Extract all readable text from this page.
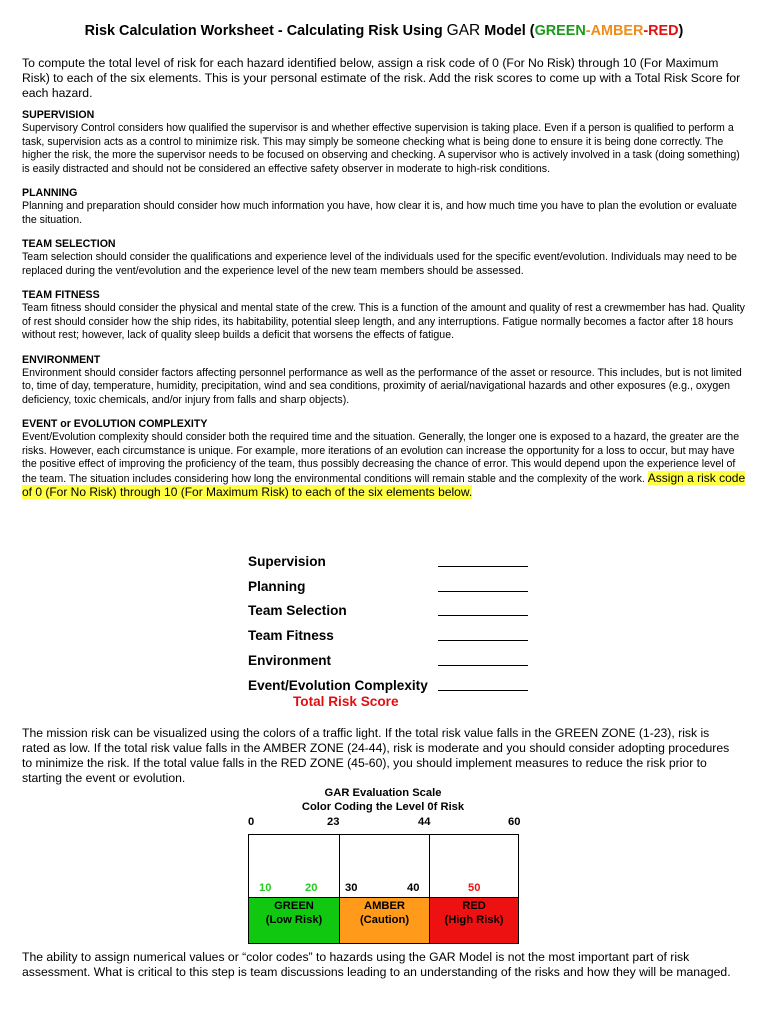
Risk Calculation Worksheet - Calculating Risk Using GAR Model (GREEN-AMBER-RED)

To compute the total level of risk for each hazard identified below, assign a risk code of 0 (For No Risk) through 10 (For Maximum Risk) to each of the six elements. This is your personal estimate of the risk. Add the risk scores to come up with a Total Risk Score for each hazard.

SUPERVISION

Supervisory Control considers how qualified the supervisor is and whether effective supervision is taking place. Even if a person is qualified to perform a task, supervision acts as a control to minimize risk. This may simply be someone checking what is being done to ensure it is being done correctly. The higher the risk, the more the supervisor needs to be focused on observing and checking. A supervisor who is actively involved in a task (doing something) is easily distracted and should not be considered an effective safety observer in moderate to high-risk conditions.

PLANNING

Planning and preparation should consider how much information you have, how clear it is, and how much time you have to plan the evolution or evaluate the situation.

TEAM SELECTION

Team selection should consider the qualifications and experience level of the individuals used for the specific event/evolution. Individuals may need to be replaced during the vent/evolution and the experience level of the new team members should be assessed.

TEAM FITNESS

Team fitness should consider the physical and mental state of the crew. This is a function of the amount and quality of rest a crewmember has had. Quality of rest should consider how the ship rides, its habitability, potential sleep length, and any interruptions. Fatigue normally becomes a factor after 18 hours without rest; however, lack of quality sleep builds a deficit that worsens the effects of fatigue.

ENVIRONMENT

Environment should consider factors affecting personnel performance as well as the performance of the asset or resource. This includes, but is not limited to, time of day, temperature, humidity, precipitation, wind and sea conditions, proximity of aerial/navigational hazards and other exposures (e.g., oxygen deficiency, toxic chemicals, and/or injury from falls and sharp objects).

EVENT or EVOLUTION COMPLEXITY

Event/Evolution complexity should consider both the required time and the situation. Generally, the longer one is exposed to a hazard, the greater are the risks. However, each circumstance is unique. For example, more iterations of an evolution can increase the opportunity for a loss to occur, but may have the positive effect of improving the proficiency of the team, thus possibly decreasing the chance of error. This would depend upon the experience level of the team. The situation includes considering how long the environmental conditions will remain stable and the complexity of the work. Assign a risk code of 0 (For No Risk) through 10 (For Maximum Risk) to each of the six elements below.

Supervision
Planning
Team Selection
Team Fitness
Environment
Event/Evolution Complexity
Total Risk Score

The mission risk can be visualized using the colors of a traffic light. If the total risk value falls in the GREEN ZONE (1-23), risk is rated as low. If the total risk value falls in the AMBER ZONE (24-44), risk is moderate and you should consider adopting procedures to minimize the risk. If the total value falls in the RED ZONE (45-60), you should implement measures to reduce the risk prior to starting the event or evolution.

GAR Evaluation Scale
Color Coding the Level 0f Risk
0	23	44	60
10	20 30	40	50
GREEN
(Low Risk)
AMBER
(Caution)
RED
(High Risk)

The ability to assign numerical values or “color codes” to hazards using the GAR Model is not the most important part of risk assessment. What is critical to this step is team discussions leading to an understanding of the risks and how they will be managed.
